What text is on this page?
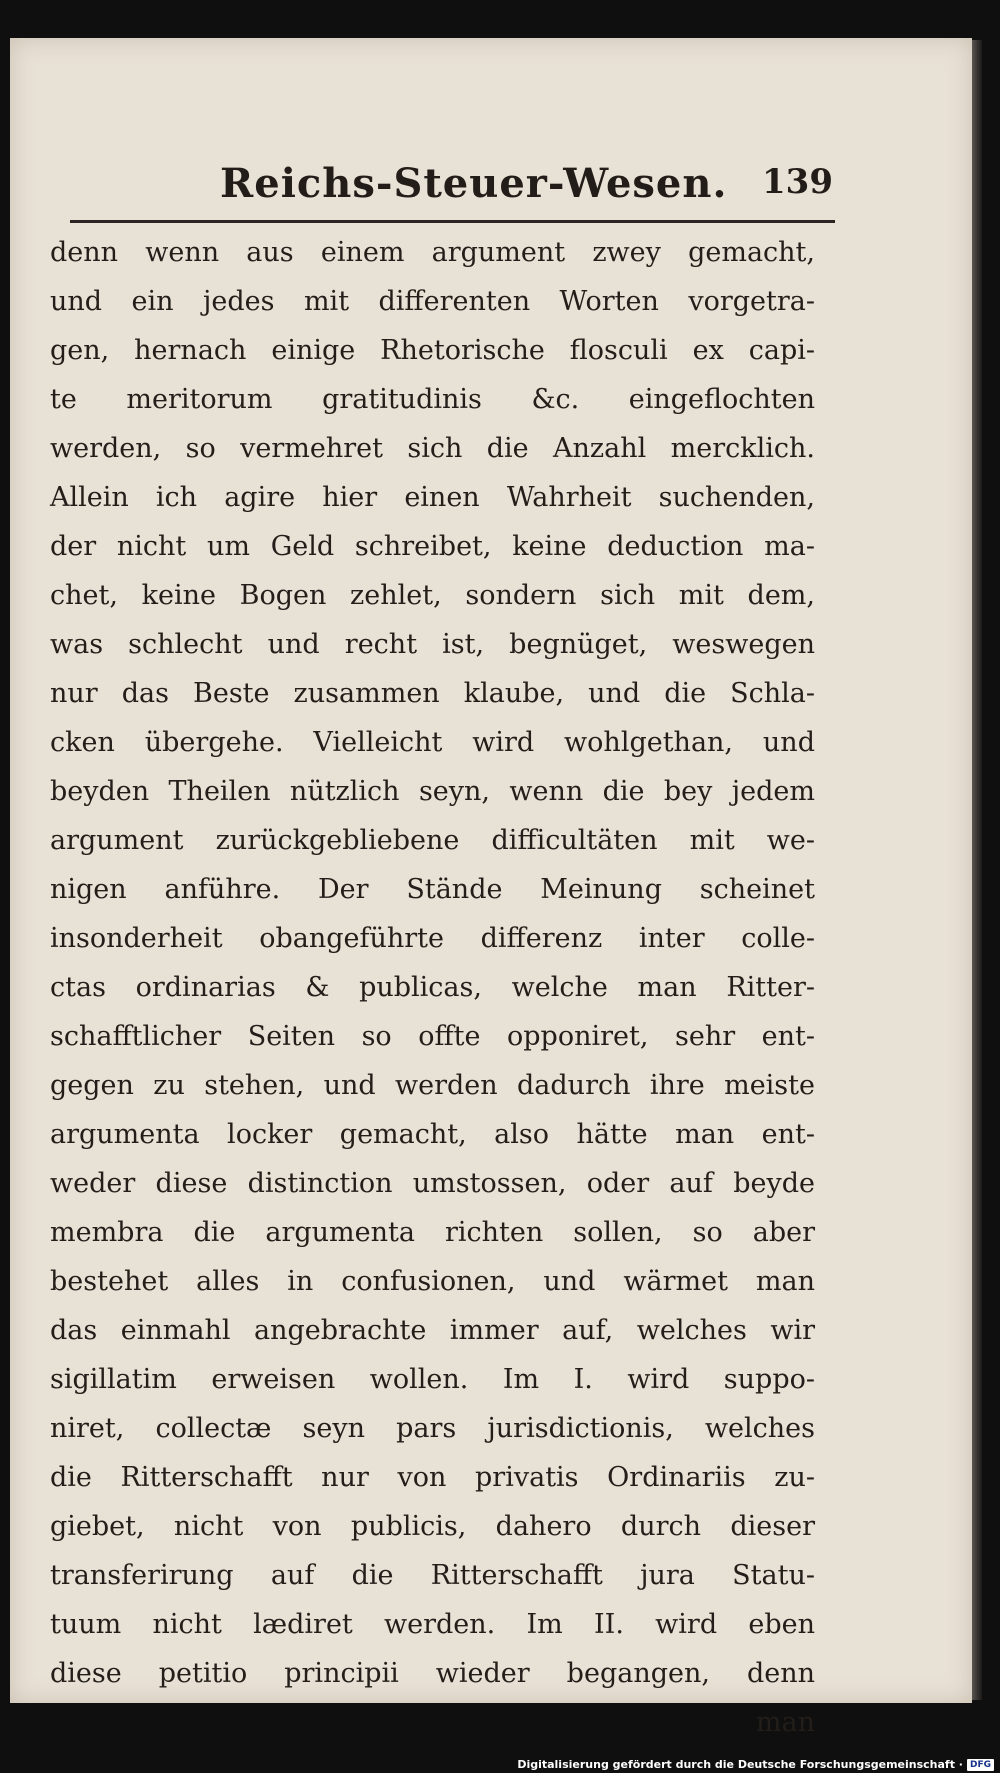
Reichs-Steuer-Wesen. 139
denn wenn aus einem argument zwey gemacht,
und ein jedes mit differenten Worten vorgetra-
gen, hernach einige Rhetorische flosculi ex capi-
te meritorum gratitudinis &c. eingeflochten
werden, so vermehret sich die Anzahl mercklich.
Allein ich agire hier einen Wahrheit suchenden,
der nicht um Geld schreibet, keine deduction ma-
chet, keine Bogen zehlet, sondern sich mit dem,
was schlecht und recht ist, begnüget, weswegen
nur das Beste zusammen klaube, und die Schla-
cken übergehe. Vielleicht wird wohlgethan, und
beyden Theilen nützlich seyn, wenn die bey jedem
argument zurückgebliebene difficultäten mit we-
nigen anführe. Der Stände Meinung scheinet
insonderheit obangeführte differenz inter colle-
ctas ordinarias & publicas, welche man Ritter-
schafftlicher Seiten so offte opponiret, sehr ent-
gegen zu stehen, und werden dadurch ihre meiste
argumenta locker gemacht, also hätte man ent-
weder diese distinction umstossen, oder auf beyde
membra die argumenta richten sollen, so aber
bestehet alles in confusionen, und wärmet man
das einmahl angebrachte immer auf, welches wir
sigillatim erweisen wollen. Im I. wird suppo-
niret, collectæ seyn pars jurisdictionis, welches
die Ritterschafft nur von privatis Ordinariis zu-
giebet, nicht von publicis, dahero durch dieser
transferirung auf die Ritterschafft jura Statu-
tuum nicht lædiret werden. Im II. wird eben
diese petitio principii wieder begangen, denn
man
Digitalisierung gefördert durch die Deutsche Forschungsgemeinschaft · DFG
